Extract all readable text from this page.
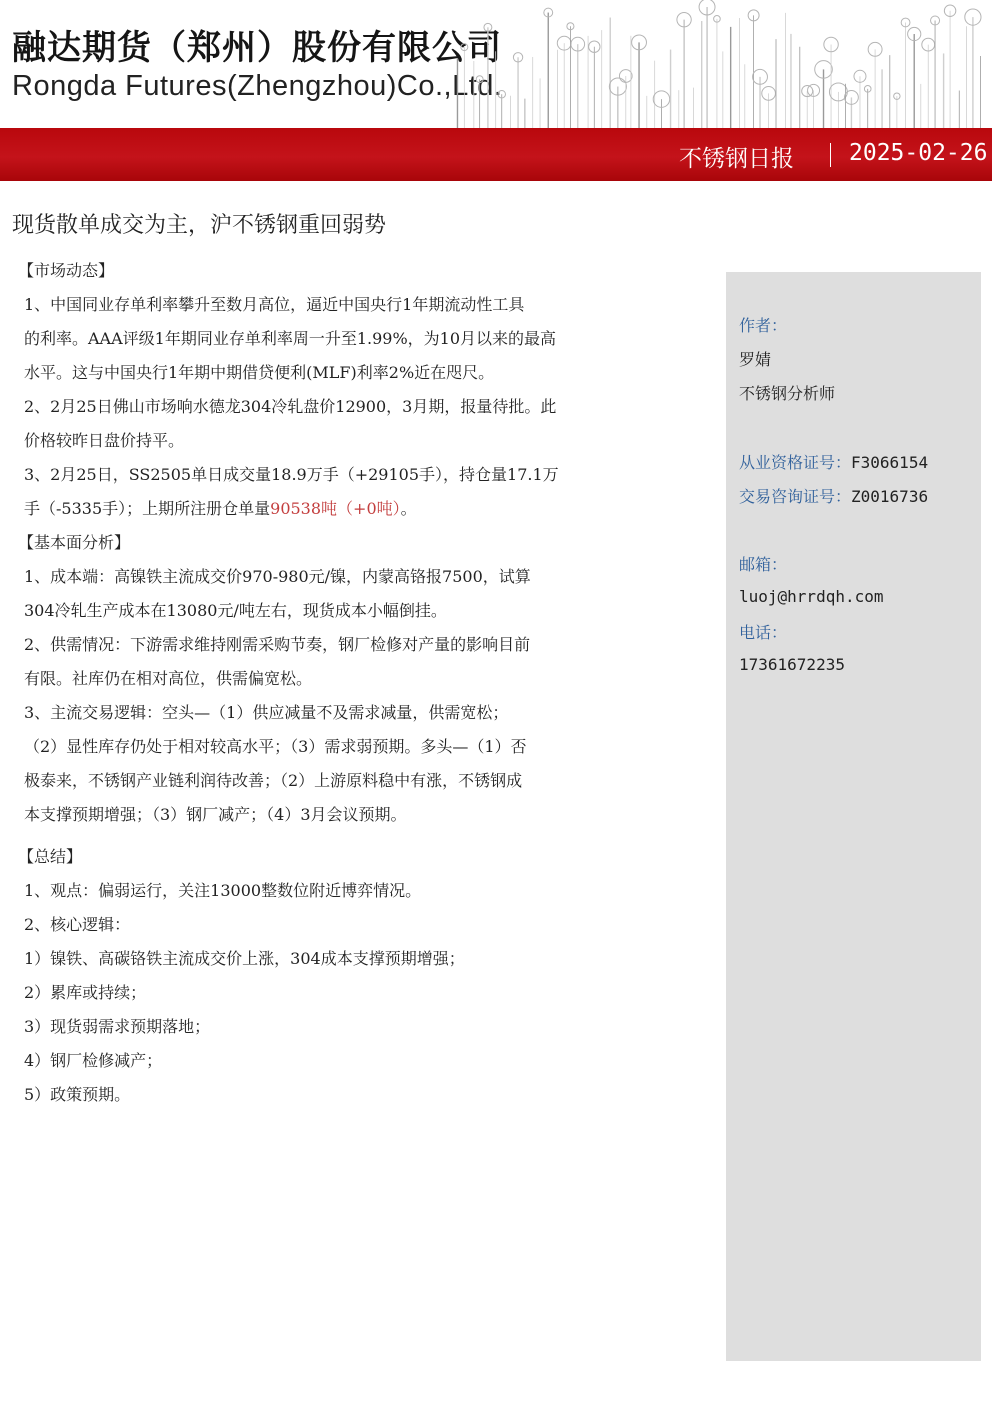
融达期货（郑州）股份有限公司
Rongda Futures(Zhengzhou)Co.,Ltd.
不锈钢日报 2025-02-26
现货散单成交为主，沪不锈钢重回弱势

【市场动态】

1、中国同业存单利率攀升至数月高位，逼近中国央行1年期流动性工具

的利率。AAA评级1年期同业存单利率周一升至1.99%，为10月以来的最高

水平。这与中国央行1年期中期借贷便利(MLF)利率2%近在咫尺。

2、2月25日佛山市场响水德龙304冷轧盘价12900，3月期，报量待批。此

价格较昨日盘价持平。

3、2月25日，SS2505单日成交量18.9万手（+29105手），持仓量17.1万

手（-5335手）；上期所注册仓单量90538吨（+0吨）。

【基本面分析】

1、成本端：高镍铁主流成交价970-980元/镍，内蒙高铬报7500，试算

304冷轧生产成本在13080元/吨左右，现货成本小幅倒挂。

2、供需情况：下游需求维持刚需采购节奏，钢厂检修对产量的影响目前

有限。社库仍在相对高位，供需偏宽松。

3、主流交易逻辑：空头—（1）供应减量不及需求减量，供需宽松；

（2）显性库存仍处于相对较高水平；（3）需求弱预期。多头—（1）否

极泰来，不锈钢产业链利润待改善；（2）上游原料稳中有涨，不锈钢成

本支撑预期增强；（3）钢厂减产；（4）3月会议预期。

【总结】

1、观点：偏弱运行，关注13000整数位附近博弈情况。

2、核心逻辑：

1）镍铁、高碳铬铁主流成交价上涨，304成本支撑预期增强；

2）累库或持续；

3）现货弱需求预期落地；

4）钢厂检修减产；

5）政策预期。

作者：
罗婧
不锈钢分析师
从业资格证号：F3066154
交易咨询证号：Z0016736
邮箱：
luoj@hrrdqh.com
电话：
17361672235
